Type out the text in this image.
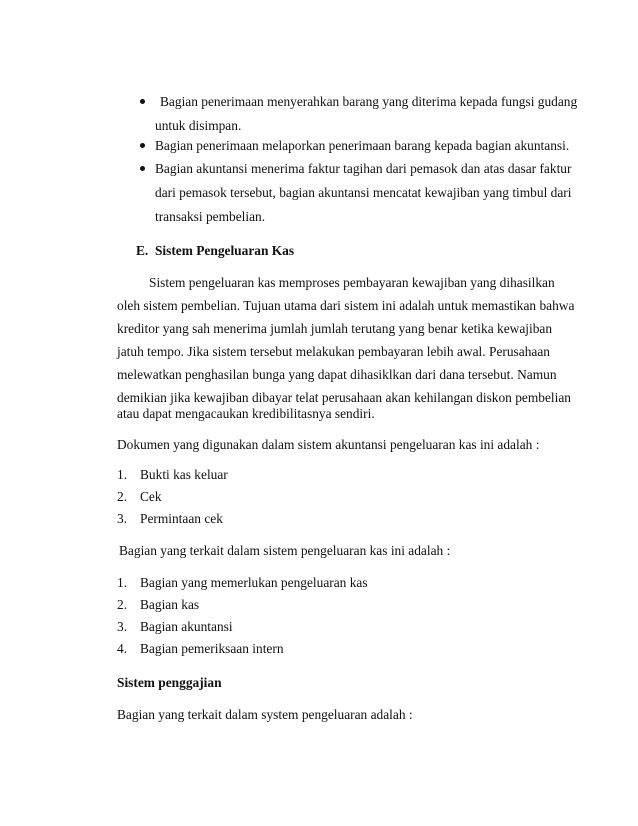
Bagian penerimaan menyerahkan barang yang diterima kepada fungsi gudang
untuk disimpan.
Bagian penerimaan melaporkan penerimaan barang kepada bagian akuntansi.
Bagian akuntansi menerima faktur tagihan dari pemasok dan atas dasar faktur
dari pemasok tersebut, bagian akuntansi mencatat kewajiban yang timbul dari
transaksi pembelian.
E.  Sistem Pengeluaran Kas
Sistem pengeluaran kas memproses pembayaran kewajiban yang dihasilkan
oleh sistem pembelian. Tujuan utama dari sistem ini adalah untuk memastikan bahwa
kreditor yang sah menerima jumlah jumlah terutang yang benar ketika kewajiban
jatuh tempo. Jika sistem tersebut melakukan pembayaran lebih awal. Perusahaan
melewatkan penghasilan bunga yang dapat dihasiklkan dari dana tersebut. Namun
demikian jika kewajiban dibayar telat perusahaan akan kehilangan diskon pembelian
atau dapat mengacaukan kredibilitasnya sendiri.
Dokumen yang digunakan dalam sistem akuntansi pengeluaran kas ini adalah :
1. Bukti kas keluar
2. Cek
3. Permintaan cek
Bagian yang terkait dalam sistem pengeluaran kas ini adalah :
1. Bagian yang memerlukan pengeluaran kas
2. Bagian kas
3. Bagian akuntansi
4. Bagian pemeriksaan intern
Sistem penggajian
Bagian yang terkait dalam system pengeluaran adalah :
